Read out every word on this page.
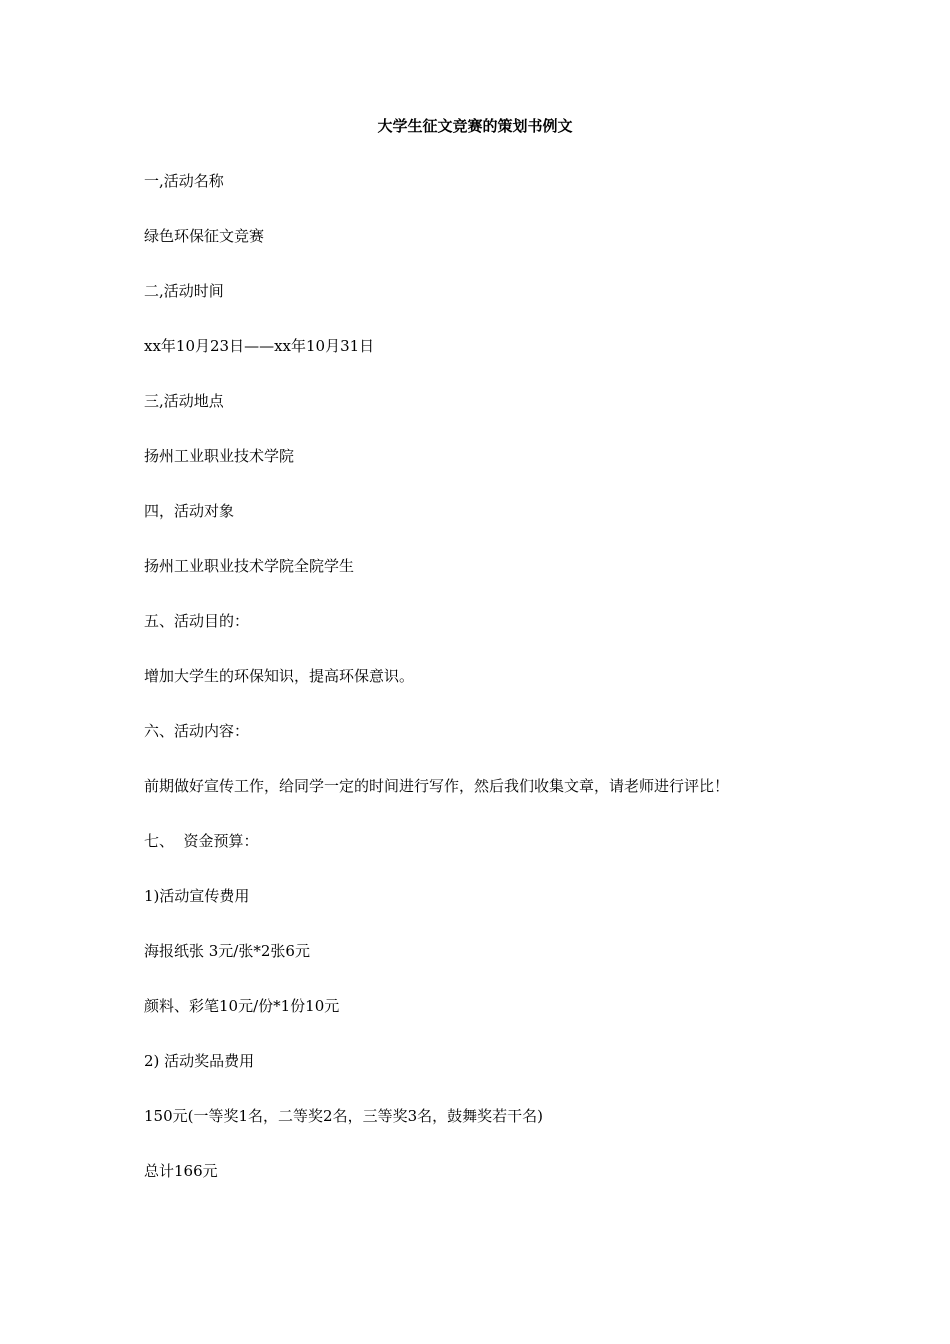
大学生征文竞赛的策划书例文
一,活动名称
绿色环保征文竞赛
二,活动时间
xx年10月23日——xx年10月31日
三,活动地点
扬州工业职业技术学院
四，活动对象
扬州工业职业技术学院全院学生
五、活动目的：
增加大学生的环保知识，提高环保意识。
六、活动内容：
前期做好宣传工作，给同学一定的时间进行写作，然后我们收集文章，请老师进行评比！
七、  资金预算：
1)活动宣传费用
海报纸张 3元/张*2张6元
颜料、彩笔10元/份*1份10元
2) 活动奖品费用
150元(一等奖1名，二等奖2名，三等奖3名，鼓舞奖若干名)
总计166元
